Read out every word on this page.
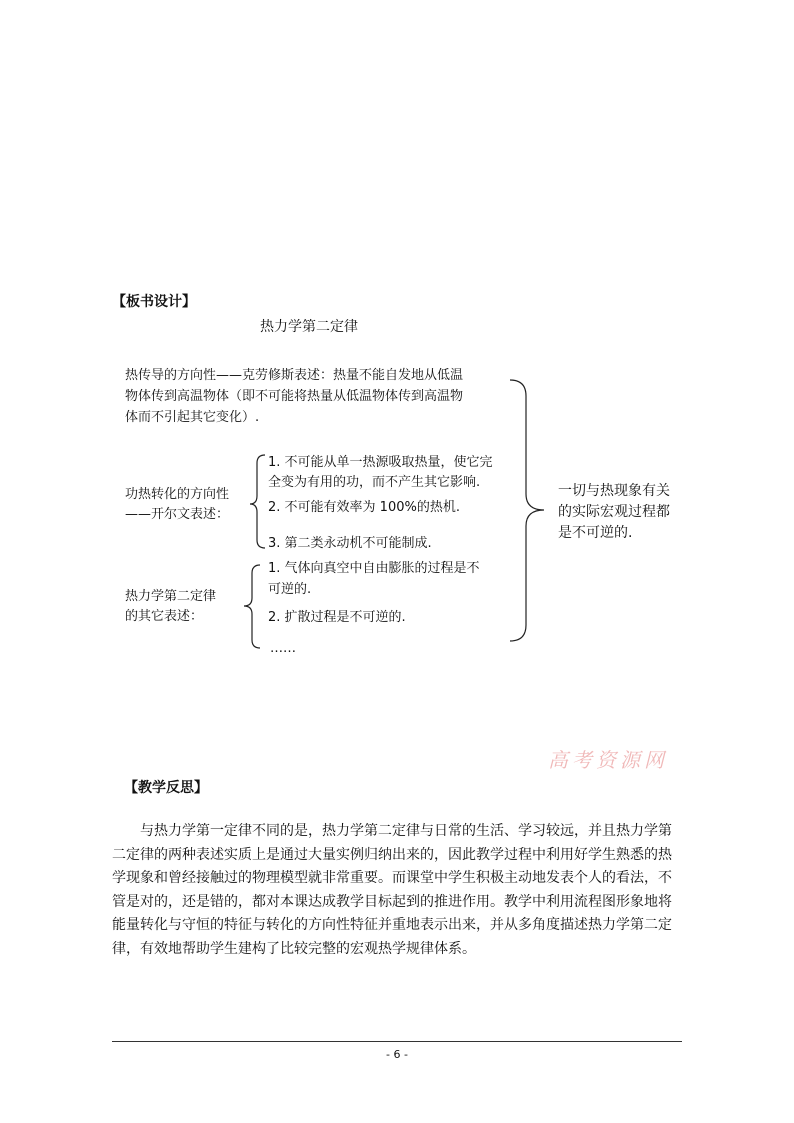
【板书设计】
热力学第二定律
热传导的方向性——克劳修斯表述：热量不能自发地从低温
物体传到高温物体（即不可能将热量从低温物体传到高温物
体而不引起其它变化）.
功热转化的方向性
——开尔文表述：
1. 不可能从单一热源吸取热量，使它完
全变为有用的功，而不产生其它影响.
2. 不可能有效率为 100%的热机.
3. 第二类永动机不可能制成.
热力学第二定律
的其它表述：
1. 气体向真空中自由膨胀的过程是不
可逆的.
2. 扩散过程是不可逆的.
……
一切与热现象有关
的实际宏观过程都
是不可逆的.
高考资源网
【教学反思】
与热力学第一定律不同的是，热力学第二定律与日常的生活、学习较远，并且热力学第
二定律的两种表述实质上是通过大量实例归纳出来的，因此教学过程中利用好学生熟悉的热
学现象和曾经接触过的物理模型就非常重要。而课堂中学生积极主动地发表个人的看法，不
管是对的，还是错的，都对本课达成教学目标起到的推进作用。教学中利用流程图形象地将
能量转化与守恒的特征与转化的方向性特征并重地表示出来，并从多角度描述热力学第二定
律，有效地帮助学生建构了比较完整的宏观热学规律体系。
- 6 -
